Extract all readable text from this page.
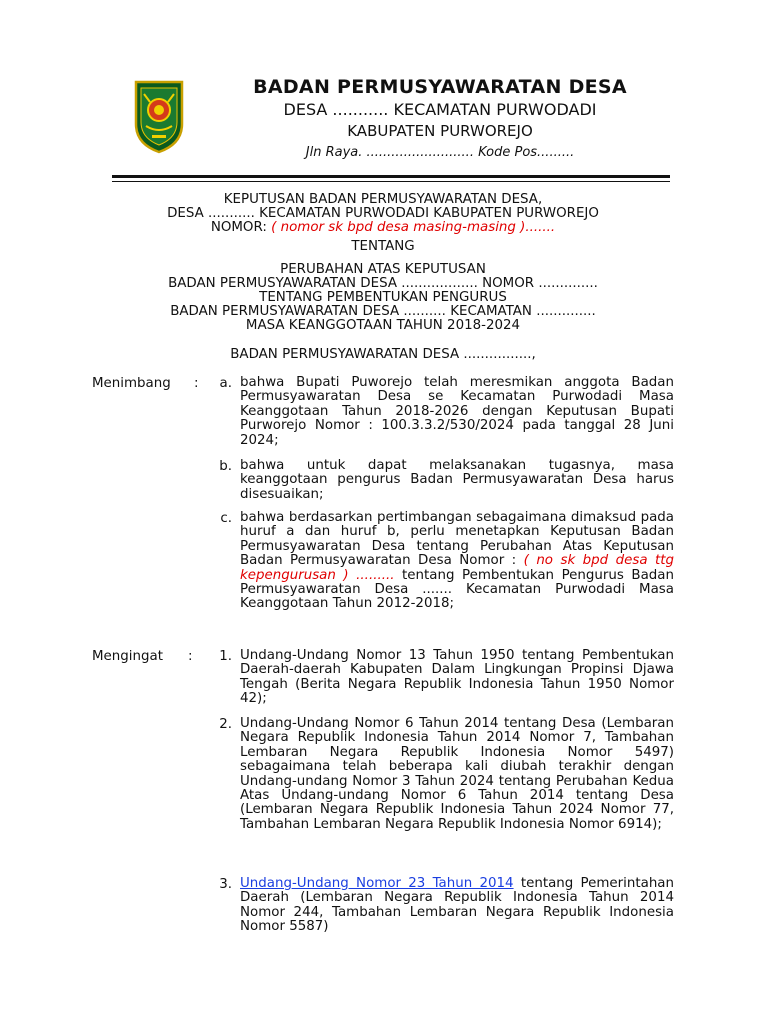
BADAN PERMUSYAWARATAN DESA
DESA ........... KECAMATAN PURWODADI
KABUPATEN PURWOREJO
Jln Raya. .......................... Kode Pos.........
KEPUTUSAN BADAN PERMUSYAWARATAN DESA,
DESA ........... KECAMATAN PURWODADI KABUPATEN PURWOREJO
NOMOR: ( nomor sk bpd desa masing-masing ).......
TENTANG
PERUBAHAN ATAS KEPUTUSAN
BADAN PERMUSYAWARATAN DESA .................. NOMOR ..............
TENTANG PEMBENTUKAN PENGURUS
BADAN PERMUSYAWARATAN DESA .......... KECAMATAN ..............
MASA KEANGGOTAAN TAHUN 2018-2024
BADAN PERMUSYAWARATAN DESA ................,
Menimbang :	a. bahwa Bupati Puworejo telah meresmikan anggota Badan Permusyawaratan Desa se Kecamatan Purwodadi Masa Keanggotaan Tahun 2018-2026 dengan Keputusan Bupati Purworejo Nomor : 100.3.3.2/530/2024 pada tanggal 28 Juni 2024;
b. bahwa untuk dapat melaksanakan tugasnya, masa keanggotaan pengurus Badan Permusyawaratan Desa harus disesuaikan;
c. bahwa berdasarkan pertimbangan sebagaimana dimaksud pada huruf a dan huruf b, perlu menetapkan Keputusan Badan Permusyawaratan Desa tentang Perubahan Atas Keputusan Badan Permusyawaratan Desa Nomor : ( no sk bpd desa ttg kepengurusan ) ......... tentang Pembentukan Pengurus Badan Permusyawaratan Desa ....... Kecamatan Purwodadi Masa Keanggotaan Tahun 2012-2018;
Mengingat :	1. Undang-Undang Nomor 13 Tahun 1950 tentang Pembentukan Daerah-daerah Kabupaten Dalam Lingkungan Propinsi Djawa Tengah (Berita Negara Republik Indonesia Tahun 1950 Nomor 42);
2. Undang-Undang Nomor 6 Tahun 2014 tentang Desa (Lembaran Negara Republik Indonesia Tahun 2014 Nomor 7, Tambahan Lembaran Negara Republik Indonesia Nomor 5497) sebagaimana telah beberapa kali diubah terakhir dengan Undang-undang Nomor 3 Tahun 2024 tentang Perubahan Kedua Atas Undang-undang Nomor 6 Tahun 2014 tentang Desa (Lembaran Negara Republik Indonesia Tahun 2024 Nomor 77, Tambahan Lembaran Negara Republik Indonesia Nomor 6914);
3. Undang-Undang Nomor 23 Tahun 2014 tentang Pemerintahan Daerah (Lembaran Negara Republik Indonesia Tahun 2014 Nomor 244, Tambahan Lembaran Negara Republik Indonesia Nomor 5587)
